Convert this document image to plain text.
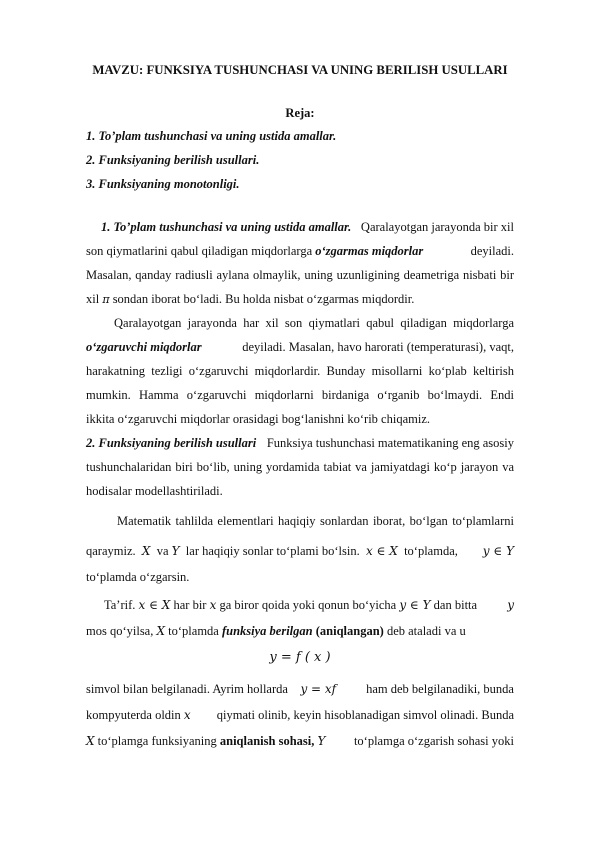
MAVZU: FUNKSIYA TUSHUNCHASI VA UNING BERILISH USULLARI
Reja:
1. To’plam tushunchasi va uning ustida amallar.
2. Funksiyaning berilish usullari.
3. Funksiyaning monotonligi.
1. To’plam tushunchasi va uning ustida amallar. Qaralayotgan jarayonda bir xil
son qiymatlarini qabul qiladigan miqdorlarga o‘zgarmas miqdorlar	deyiladi.
Masalan, qanday radiusli aylana olmaylik, uning uzunligining deametriga nisbati bir
xil π sondan iborat bo‘ladi. Bu holda nisbat o‘zgarmas miqdordir.
Qaralayotgan jarayonda har xil son qiymatlari qabul qiladigan miqdorlarga
o‘zgaruvchi miqdorlar	deyiladi. Masalan, havo harorati (temperaturasi), vaqt,
harakatning tezligi o‘zgaruvchi miqdorlardir. Bunday misollarni ko‘plab keltirish
mumkin. Hamma o‘zgaruvchi miqdorlarni birdaniga o‘rganib bo‘lmaydi. Endi
ikkita o‘zgaruvchi miqdorlar orasidagi bog‘lanishni ko‘rib chiqamiz.
2. Funksiyaning berilish usullari Funksiya tushunchasi matematikaning eng asosiy
tushunchalaridan biri bo‘lib, uning yordamida tabiat va jamiyatdagi ko‘p jarayon va
hodisalar modellashtiriladi.
Matematik tahlilda elementlari haqiqiy sonlardan iborat, bo‘lgan to‘plamlarni
qaraymiz. X va Y lar haqiqiy sonlar to‘plami bo‘lsin. x ∈ X to‘plamda, y ∈ Y
to‘plamda o‘zgarsin.
Ta’rif. x ∈ X har bir x ga biror qoida yoki qonun bo‘yicha y ∈ Y dan bitta	y
mos qo‘yilsa, X to‘plamda funksiya berilgan (aniqlangan) deb ataladi va u
y = f ( x )
simvol bilan belgilanadi. Ayrim hollarda y = xf ham deb belgilanadiki, bunda
kompyuterda oldin x qiymati olinib, keyin hisoblanadigan simvol olinadi. Bunda
X to‘plamga funksiyaning aniqlanish sohasi, Y to‘plamga o‘zgarish sohasi yoki
